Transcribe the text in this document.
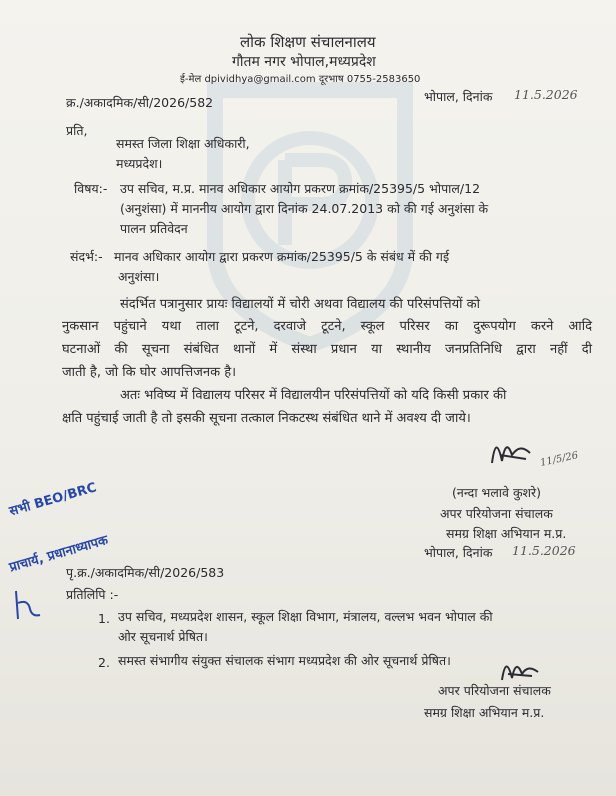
लोक शिक्षण संचालनालय
गौतम नगर भोपाल,मध्यप्रदेश
ई-मेल dpividhya@gmail.com दूरभाष 0755-2583650
क्र./अकादमिक/सी/2026/582	भोपाल, दिनांक 11.5.2026
प्रति,
समस्त जिला शिक्षा अधिकारी,
मध्यप्रदेश।
विषय:- उप सचिव, म.प्र. मानव अधिकार आयोग प्रकरण क्रमांक/25395/5 भोपाल/12
(अनुशंसा) में माननीय आयोग द्वारा दिनांक 24.07.2013 को की गई अनुशंसा के
पालन प्रतिवेदन
संदर्भ:- मानव अधिकार आयोग द्वारा प्रकरण क्रमांक/25395/5 के संबंध में की गई
अनुशंसा।
संदर्भित पत्रानुसार प्रायः विद्यालयों में चोरी अथवा विद्यालय की परिसंपत्तियों को
नुकसान पहुंचाने यथा ताला टूटने, दरवाजे टूटने, स्कूल परिसर का दुरूपयोग करने आदि
घटनाओं की सूचना संबंधित थानों में संस्था प्रधान या स्थानीय जनप्रतिनिधि द्वारा नहीं दी
जाती है, जो कि घोर आपत्तिजनक है।
अतः भविष्य में विद्यालय परिसर में विद्यालयीन परिसंपत्तियों को यदि किसी प्रकार की
क्षति पहुंचाई जाती है तो इसकी सूचना तत्काल निकटस्थ संबंधित थाने में अवश्य दी जाये।
11/5/26
(नन्दा भलावे कुशरे)
अपर परियोजना संचालक
समग्र शिक्षा अभियान म.प्र.
भोपाल, दिनांक 11.5.2026
सभी BEO/BRC
प्राचार्य, प्रधानाध्यापक
पृ.क्र./अकादमिक/सी/2026/583
प्रतिलिपि :-
1. उप सचिव, मध्यप्रदेश शासन, स्कूल शिक्षा विभाग, मंत्रालय, वल्लभ भवन भोपाल की
ओर सूचनार्थ प्रेषित।
2. समस्त संभागीय संयुक्त संचालक संभाग मध्यप्रदेश की ओर सूचनार्थ प्रेषित।
अपर परियोजना संचालक
समग्र शिक्षा अभियान म.प्र.
